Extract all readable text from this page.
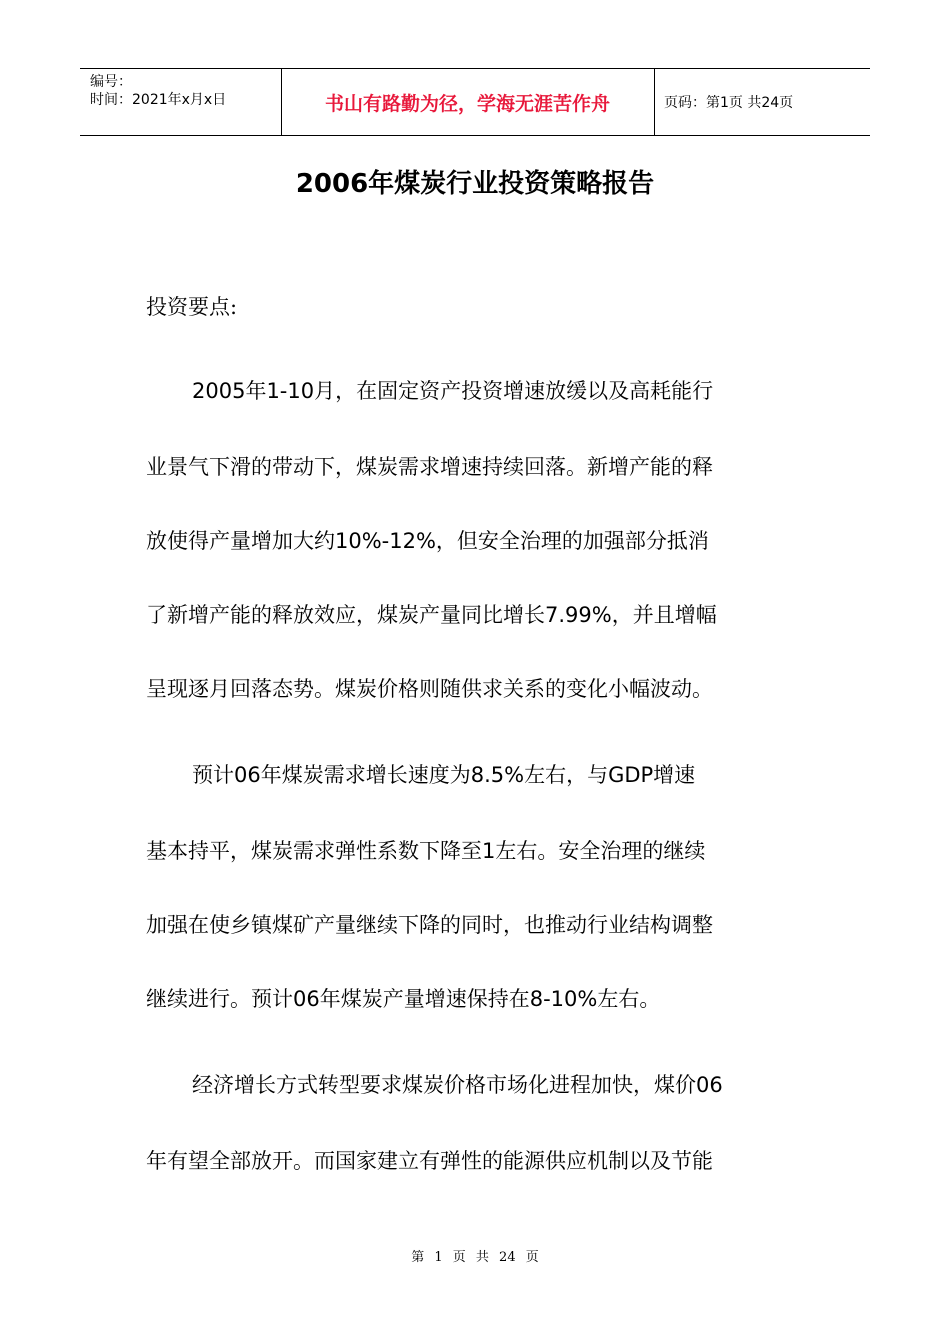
编号：
时间：2021年x月x日	书山有路勤为径，学海无涯苦作舟	页码：第1页 共24页
2006年煤炭行业投资策略报告
投资要点:
2005年1-10月，在固定资产投资增速放缓以及高耗能行
业景气下滑的带动下，煤炭需求增速持续回落。新增产能的释
放使得产量增加大约10%-12%，但安全治理的加强部分抵消
了新增产能的释放效应，煤炭产量同比增长7.99%，并且增幅
呈现逐月回落态势。煤炭价格则随供求关系的变化小幅波动。
预计06年煤炭需求增长速度为8.5%左右，与GDP增速
基本持平，煤炭需求弹性系数下降至1左右。安全治理的继续
加强在使乡镇煤矿产量继续下降的同时，也推动行业结构调整
继续进行。预计06年煤炭产量增速保持在8-10%左右。
经济增长方式转型要求煤炭价格市场化进程加快，煤价06
年有望全部放开。而国家建立有弹性的能源供应机制以及节能
第 1 页 共 24 页
